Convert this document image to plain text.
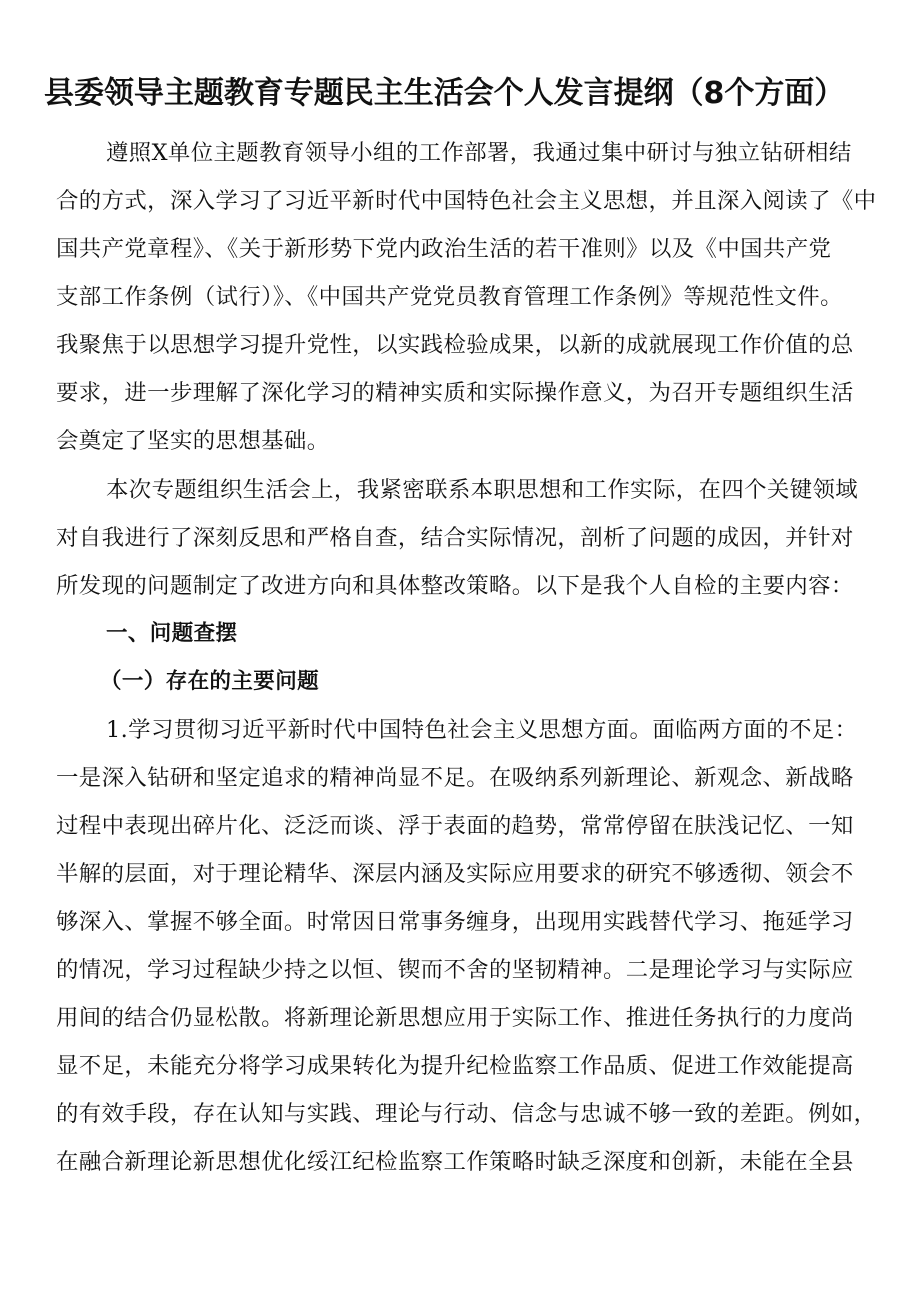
县委领导主题教育专题民主生活会个人发言提纲（8个方面）

遵照X单位主题教育领导小组的工作部署，我通过集中研讨与独立钻研相结

合的方式，深入学习了习近平新时代中国特色社会主义思想，并且深入阅读了《中

国共产党章程》、《关于新形势下党内政治生活的若干准则》以及《中国共产党

支部工作条例（试行）》、《中国共产党党员教育管理工作条例》等规范性文件。

我聚焦于以思想学习提升党性，以实践检验成果，以新的成就展现工作价值的总

要求，进一步理解了深化学习的精神实质和实际操作意义，为召开专题组织生活

会奠定了坚实的思想基础。

本次专题组织生活会上，我紧密联系本职思想和工作实际，在四个关键领域

对自我进行了深刻反思和严格自查，结合实际情况，剖析了问题的成因，并针对

所发现的问题制定了改进方向和具体整改策略。以下是我个人自检的主要内容：

一、问题查摆

（一）存在的主要问题

1.学习贯彻习近平新时代中国特色社会主义思想方面。面临两方面的不足：

一是深入钻研和坚定追求的精神尚显不足。在吸纳系列新理论、新观念、新战略

过程中表现出碎片化、泛泛而谈、浮于表面的趋势，常常停留在肤浅记忆、一知

半解的层面，对于理论精华、深层内涵及实际应用要求的研究不够透彻、领会不

够深入、掌握不够全面。时常因日常事务缠身，出现用实践替代学习、拖延学习

的情况，学习过程缺少持之以恒、锲而不舍的坚韧精神。二是理论学习与实际应

用间的结合仍显松散。将新理论新思想应用于实际工作、推进任务执行的力度尚

显不足，未能充分将学习成果转化为提升纪检监察工作品质、促进工作效能提高

的有效手段，存在认知与实践、理论与行动、信念与忠诚不够一致的差距。例如，

在融合新理论新思想优化绥江纪检监察工作策略时缺乏深度和创新，未能在全县
